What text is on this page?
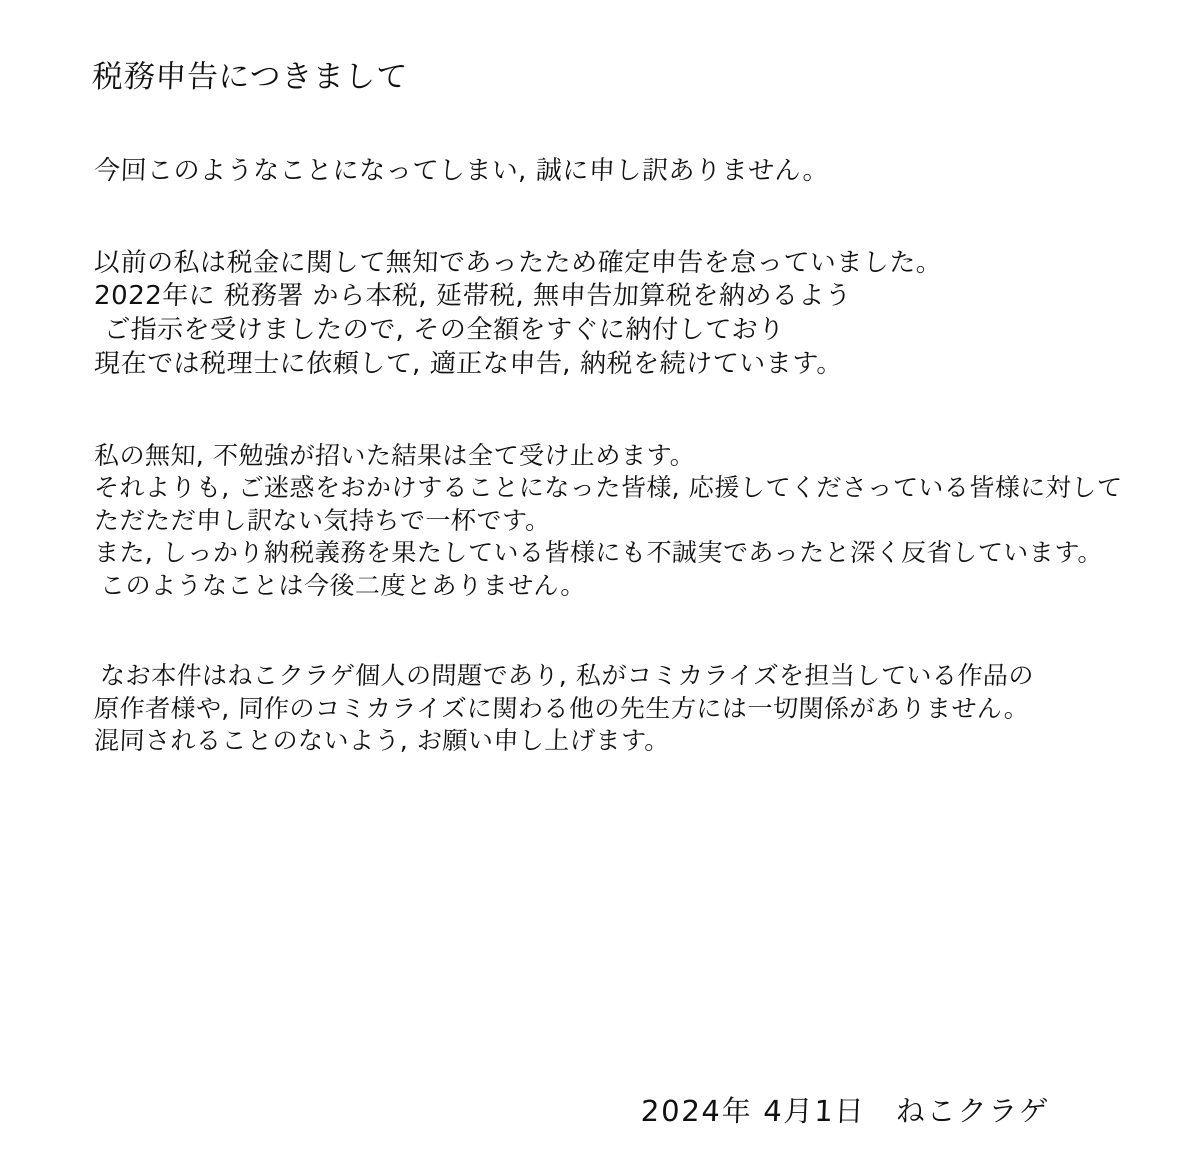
税務申告につきまして
今回このようなことになってしまい, 誠に申し訳ありません。
以前の私は税金に関して無知であったため確定申告を怠っていました。
2022年に 税務署 から本税, 延帯税, 無申告加算税を納めるよう
ご指示を受けましたので, その全額をすぐに納付しており
現在では税理士に依頼して, 適正な申告, 納税を続けています。
私の無知, 不勉強が招いた結果は全て受け止めます。
それよりも, ご迷惑をおかけすることになった皆様, 応援してくださっている皆様に対して
ただただ申し訳ない気持ちで一杯です。
また, しっかり納税義務を果たしている皆様にも不誠実であったと深く反省しています。
このようなことは今後二度とありません。
なお本件はねこクラゲ個人の問題であり, 私がコミカライズを担当している作品の
原作者様や, 同作のコミカライズに関わる他の先生方には一切関係がありません。
混同されることのないよう, お願い申し上げます。
2024年 4月1日　ねこクラゲ
